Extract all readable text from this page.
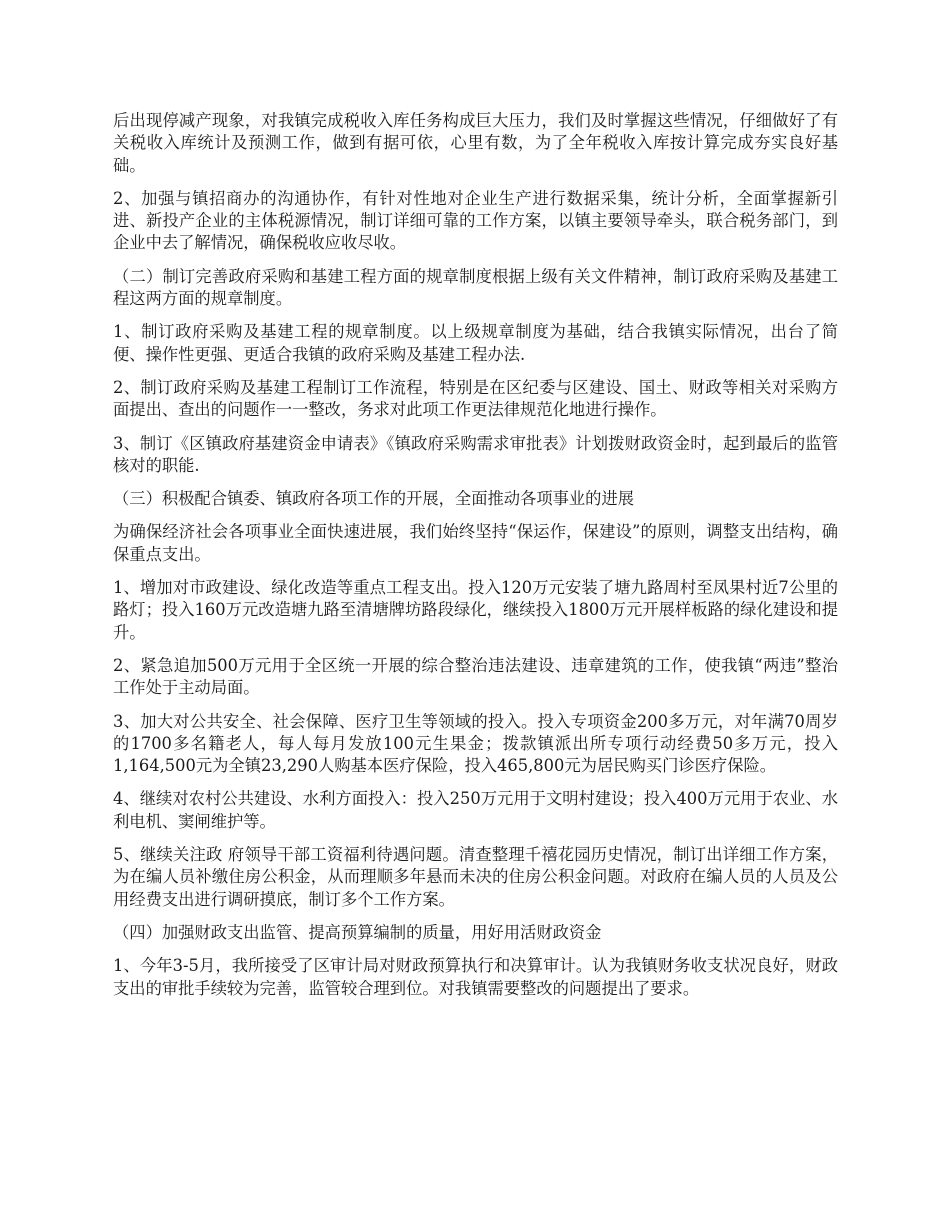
后出现停减产现象，对我镇完成税收入库任务构成巨大压力，我们及时掌握这些情况，仔细做好了有关税收入库统计及预测工作，做到有据可依，心里有数，为了全年税收入库按计算完成夯实良好基础。

2、加强与镇招商办的沟通协作，有针对性地对企业生产进行数据采集，统计分析，全面掌握新引进、新投产企业的主体税源情况，制订详细可靠的工作方案，以镇主要领导牵头，联合税务部门，到企业中去了解情况，确保税收应收尽收。

（二）制订完善政府采购和基建工程方面的规章制度根据上级有关文件精神，制订政府采购及基建工程这两方面的规章制度。

1、制订政府采购及基建工程的规章制度。以上级规章制度为基础，结合我镇实际情况，出台了简便、操作性更强、更适合我镇的政府采购及基建工程办法.

2、制订政府采购及基建工程制订工作流程，特别是在区纪委与区建设、国土、财政等相关对采购方面提出、查出的问题作一一整改，务求对此项工作更法律规范化地进行操作。

3、制订《区镇政府基建资金申请表》《镇政府采购需求审批表》计划拨财政资金时，起到最后的监管核对的职能.

（三）积极配合镇委、镇政府各项工作的开展，全面推动各项事业的进展

为确保经济社会各项事业全面快速进展，我们始终坚持“保运作，保建设”的原则，调整支出结构，确保重点支出。

1、增加对市政建设、绿化改造等重点工程支出。投入120万元安装了塘九路周村至凤果村近7公里的路灯；投入160万元改造塘九路至清塘牌坊路段绿化，继续投入1800万元开展样板路的绿化建设和提升。

2、紧急追加500万元用于全区统一开展的综合整治违法建设、违章建筑的工作，使我镇“两违”整治工作处于主动局面。

3、加大对公共安全、社会保障、医疗卫生等领域的投入。投入专项资金200多万元，对年满70周岁的1700多名籍老人，每人每月发放100元生果金；拨款镇派出所专项行动经费50多万元，投入1,164,500元为全镇23,290人购基本医疗保险，投入465,800元为居民购买门诊医疗保险。

4、继续对农村公共建设、水利方面投入：投入250万元用于文明村建设；投入400万元用于农业、水利电机、窦闸维护等。

5、继续关注政 府领导干部工资福利待遇问题。清查整理千禧花园历史情况，制订出详细工作方案，为在编人员补缴住房公积金，从而理顺多年悬而未决的住房公积金问题。对政府在编人员的人员及公用经费支出进行调研摸底，制订多个工作方案。

（四）加强财政支出监管、提高预算编制的质量，用好用活财政资金

1、今年3-5月，我所接受了区审计局对财政预算执行和决算审计。认为我镇财务收支状况良好，财政支出的审批手续较为完善，监管较合理到位。对我镇需要整改的问题提出了要求。
